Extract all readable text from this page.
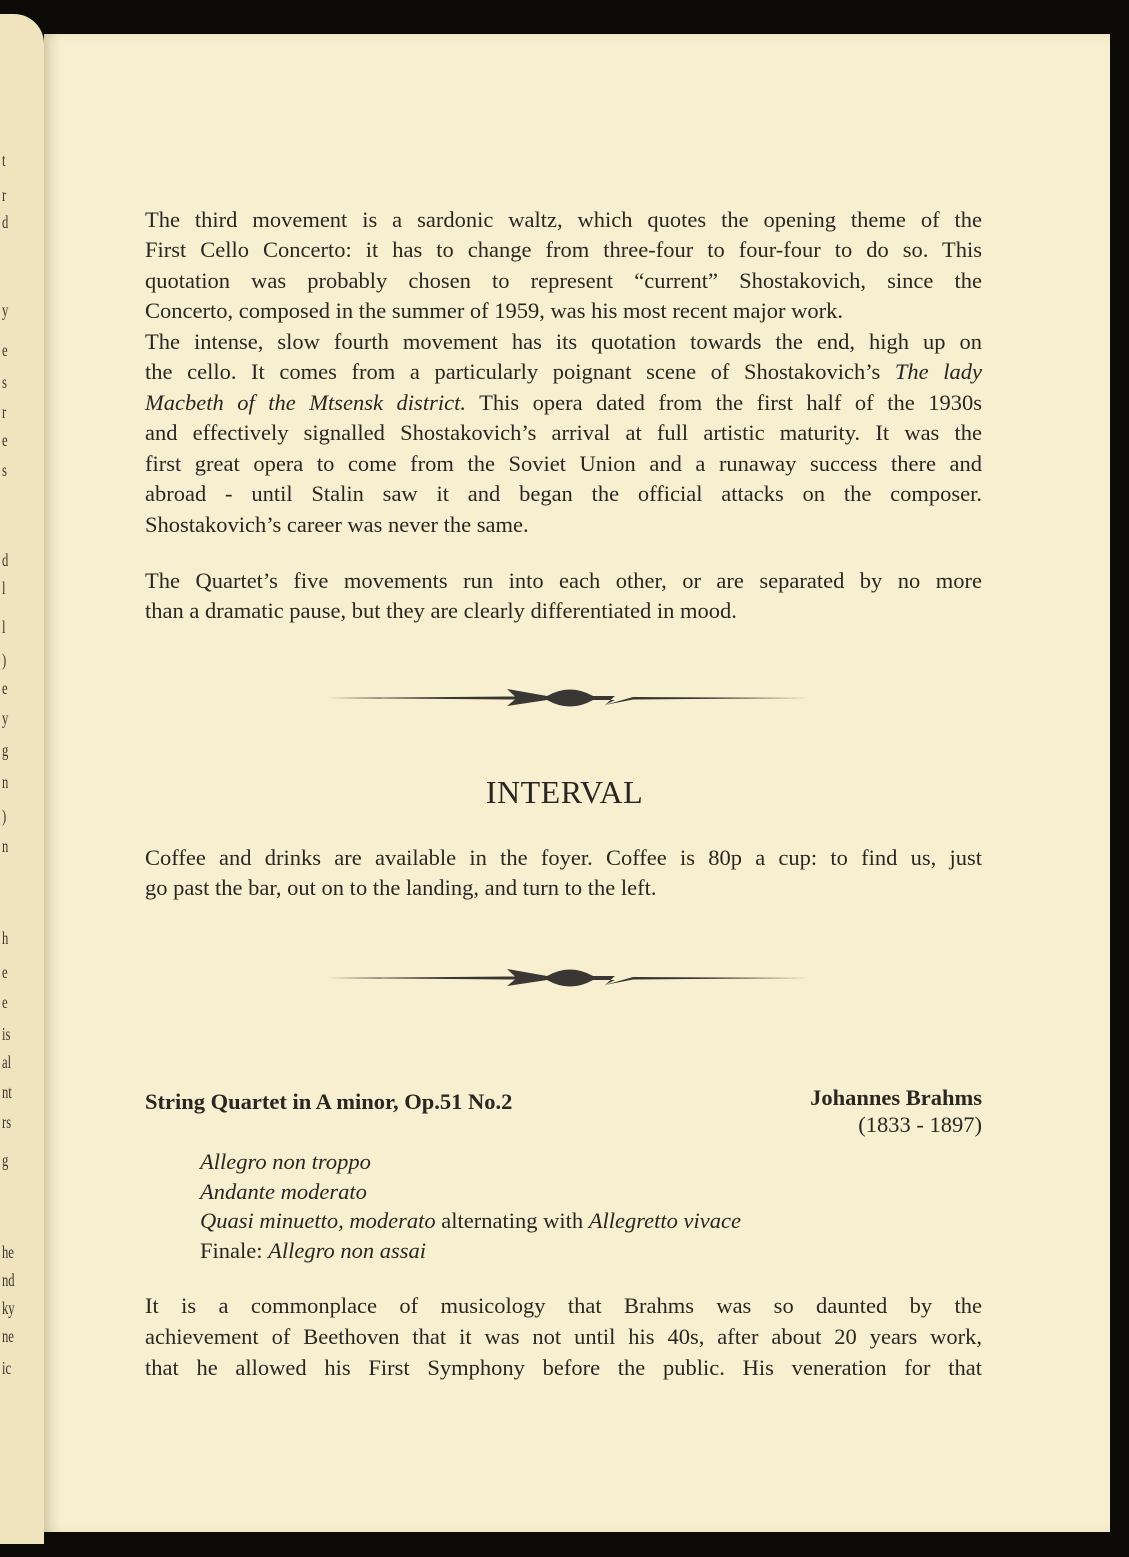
t
r
d
y
e
s
r
e
s
d
l
l
)
e
y
g
n
)
n
h
e
e
is
al
nt
rs
g
he
nd
ky
ne
ic
The third movement is a sardonic waltz, which quotes the opening theme of the
First Cello Concerto: it has to change from three-four to four-four to do so. This
quotation was probably chosen to represent “current” Shostakovich, since the
Concerto, composed in the summer of 1959, was his most recent major work.
The intense, slow fourth movement has its quotation towards the end, high up on
the cello. It comes from a particularly poignant scene of Shostakovich’s The lady
Macbeth of the Mtsensk district. This opera dated from the first half of the 1930s
and effectively signalled Shostakovich’s arrival at full artistic maturity. It was the
first great opera to come from the Soviet Union and a runaway success there and
abroad - until Stalin saw it and began the official attacks on the composer.
Shostakovich’s career was never the same.
The Quartet’s five movements run into each other, or are separated by no more
than a dramatic pause, but they are clearly differentiated in mood.
Coffee and drinks are available in the foyer. Coffee is 80p a cup: to find us, just
go past the bar, out on to the landing, and turn to the left.
Allegro non troppo
Andante moderato
Quasi minuetto, moderato alternating with Allegretto vivace
Finale: Allegro non assai
It is a commonplace of musicology that Brahms was so daunted by the
achievement of Beethoven that it was not until his 40s, after about 20 years work,
that he allowed his First Symphony before the public. His veneration for that
INTERVAL
String Quartet in A minor, Op.51 No.2	Johannes Brahms
(1833 - 1897)
